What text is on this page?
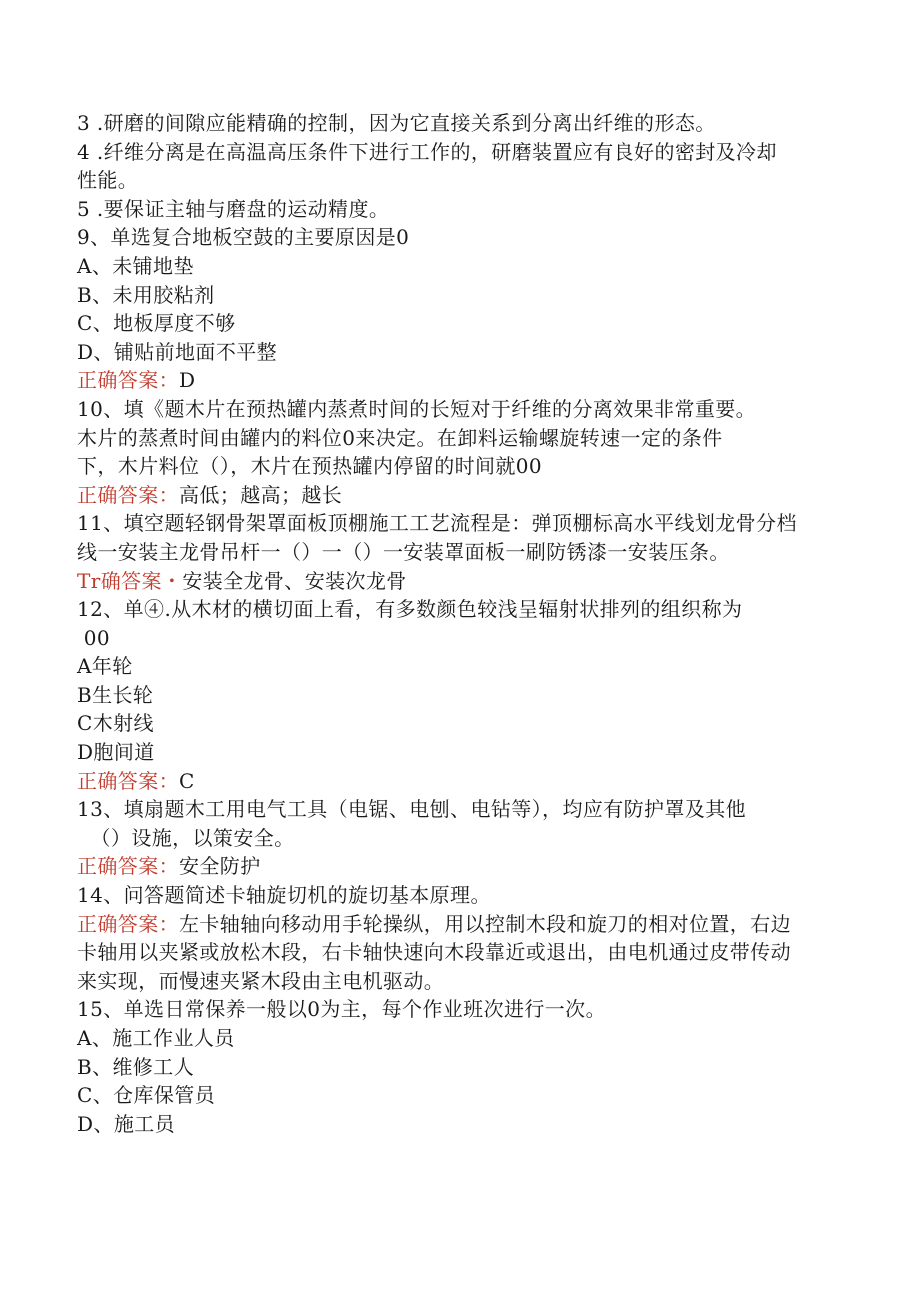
3 .研磨的间隙应能精确的控制，因为它直接关系到分离出纤维的形态。
4 .纤维分离是在高温高压条件下进行工作的，研磨装置应有良好的密封及冷却
性能。
5 .要保证主轴与磨盘的运动精度。
9、单选复合地板空鼓的主要原因是0
A、未铺地垫
B、未用胶粘剂
C、地板厚度不够
D、铺贴前地面不平整
正确答案：D
10、填《题木片在预热罐内蒸煮时间的长短对于纤维的分离效果非常重要。
木片的蒸煮时间由罐内的料位0来决定。在卸料运输螺旋转速一定的条件
下，木片料位（），木片在预热罐内停留的时间就00
正确答案：高低；越高；越长
11、填空题轻钢骨架罩面板顶棚施工工艺流程是：弹顶棚标高水平线划龙骨分档
线一安装主龙骨吊杆一（）一（）一安装罩面板一刷防锈漆一安装压条。
Tr确答案・安装全龙骨、安装次龙骨
12、单④.从木材的横切面上看，有多数颜色较浅呈辐射状排列的组织称为
00
A年轮
B生长轮
C木射线
D胞间道
正确答案：C
13、填扇题木工用电气工具（电锯、电刨、电钻等），均应有防护罩及其他
（）设施，以策安全。
正确答案：安全防护
14、问答题简述卡轴旋切机的旋切基本原理。
正确答案：左卡轴轴向移动用手轮操纵，用以控制木段和旋刀的相对位置，右边
卡轴用以夹紧或放松木段，右卡轴快速向木段靠近或退出，由电机通过皮带传动
来实现，而慢速夹紧木段由主电机驱动。
15、单选日常保养一般以0为主，每个作业班次进行一次。
A、施工作业人员
B、维修工人
C、仓库保管员
D、施工员
